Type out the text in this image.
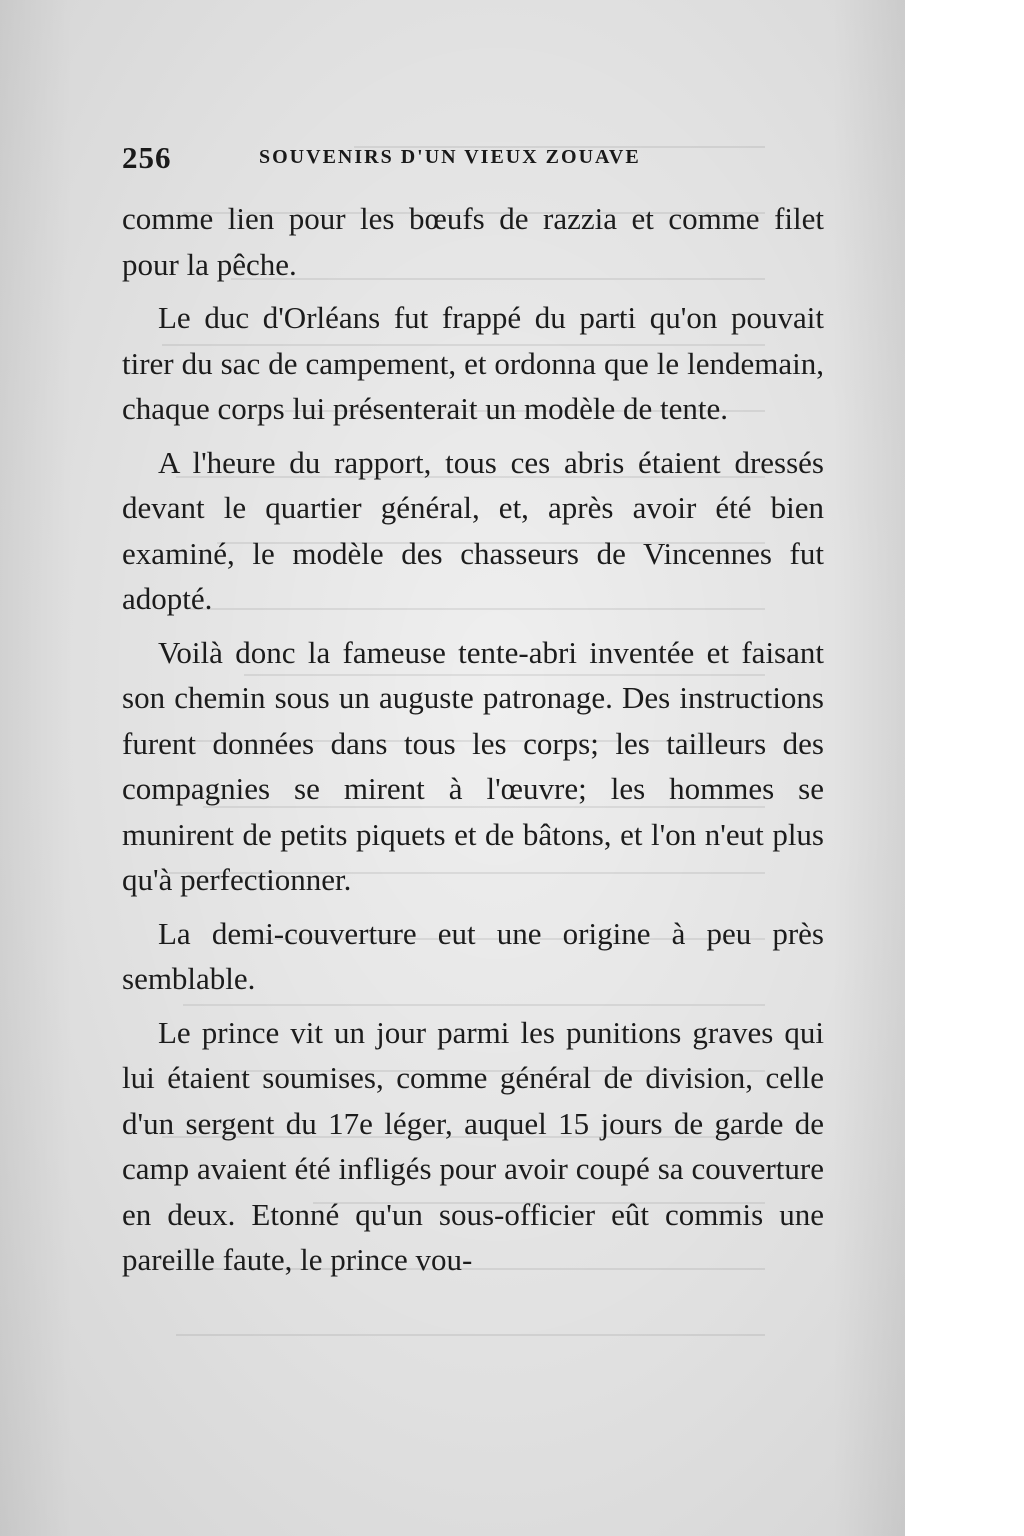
256	SOUVENIRS D'UN VIEUX ZOUAVE

comme lien pour les bœufs de razzia et comme filet pour la pêche.

Le duc d'Orléans fut frappé du parti qu'on pouvait tirer du sac de campement, et ordonna que le lendemain, chaque corps lui présenterait un modèle de tente.

A l'heure du rapport, tous ces abris étaient dressés devant le quartier général, et, après avoir été bien examiné, le modèle des chasseurs de Vincennes fut adopté.

Voilà donc la fameuse tente-abri inventée et faisant son chemin sous un auguste patronage. Des instructions furent données dans tous les corps; les tailleurs des compagnies se mirent à l'œuvre; les hommes se munirent de petits piquets et de bâtons, et l'on n'eut plus qu'à perfectionner.

La demi-couverture eut une origine à peu près semblable.

Le prince vit un jour parmi les punitions graves qui lui étaient soumises, comme général de division, celle d'un sergent du 17e léger, auquel 15 jours de garde de camp avaient été infligés pour avoir coupé sa couverture en deux. Etonné qu'un sous-officier eût commis une pareille faute, le prince vou-
